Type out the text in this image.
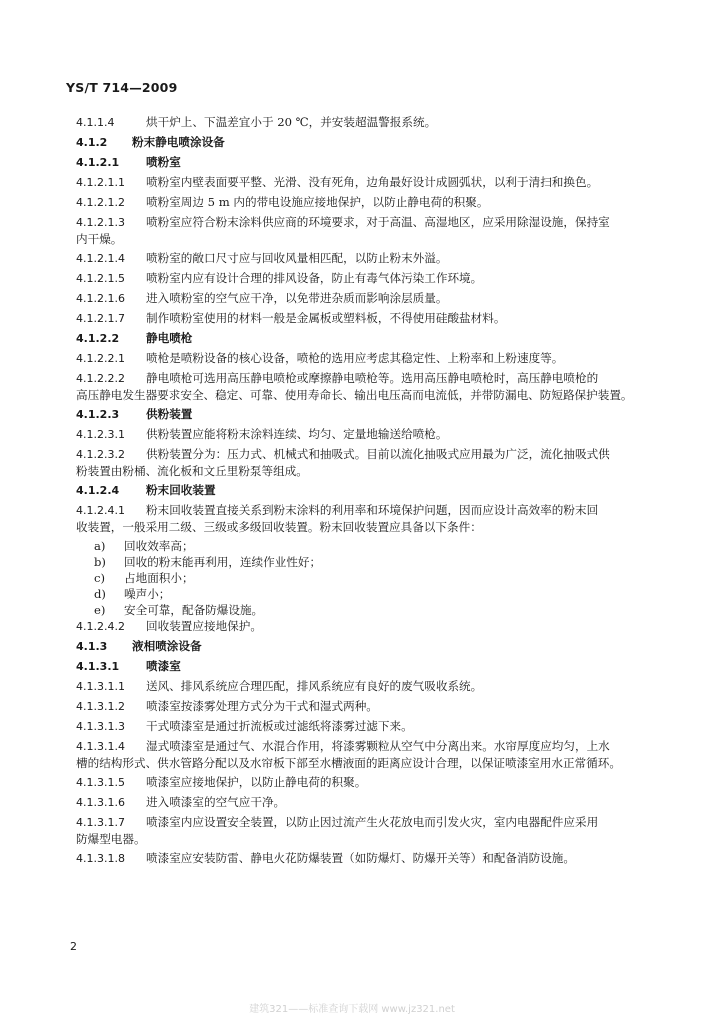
YS/T 714—2009
4.1.1.4	烘干炉上、下温差宜小于 20 ℃，并安装超温警报系统。
4.1.2 粉末静电喷涂设备
4.1.2.1 喷粉室
4.1.2.1.1 喷粉室内壁表面要平整、光滑、没有死角，边角最好设计成圆弧状，以利于清扫和换色。
4.1.2.1.2 喷粉室周边 5 m 内的带电设施应接地保护，以防止静电荷的积聚。
4.1.2.1.3 喷粉室应符合粉末涂料供应商的环境要求，对于高温、高湿地区，应采用除湿设施，保持室
内干燥。
4.1.2.1.4 喷粉室的敞口尺寸应与回收风量相匹配，以防止粉末外溢。
4.1.2.1.5 喷粉室内应有设计合理的排风设备，防止有毒气体污染工作环境。
4.1.2.1.6 进入喷粉室的空气应干净，以免带进杂质而影响涂层质量。
4.1.2.1.7 制作喷粉室使用的材料一般是金属板或塑料板，不得使用硅酸盐材料。
4.1.2.2 静电喷枪
4.1.2.2.1 喷枪是喷粉设备的核心设备，喷枪的选用应考虑其稳定性、上粉率和上粉速度等。
4.1.2.2.2 静电喷枪可选用高压静电喷枪或摩擦静电喷枪等。选用高压静电喷枪时，高压静电喷枪的
高压静电发生器要求安全、稳定、可靠、使用寿命长、输出电压高而电流低，并带防漏电、防短路保护装置。
4.1.2.3 供粉装置
4.1.2.3.1 供粉装置应能将粉末涂料连续、均匀、定量地输送给喷枪。
4.1.2.3.2 供粉装置分为：压力式、机械式和抽吸式。目前以流化抽吸式应用最为广泛，流化抽吸式供
粉装置由粉桶、流化板和文丘里粉泵等组成。
4.1.2.4 粉末回收装置
4.1.2.4.1 粉末回收装置直接关系到粉末涂料的利用率和环境保护问题，因而应设计高效率的粉末回
收装置，一般采用二级、三级或多级回收装置。粉末回收装置应具备以下条件：
a) 回收效率高；
b) 回收的粉末能再利用，连续作业性好；
c) 占地面积小；
d) 噪声小；
e) 安全可靠，配备防爆设施。
4.1.2.4.2 回收装置应接地保护。
4.1.3 液相喷涂设备
4.1.3.1 喷漆室
4.1.3.1.1 送风、排风系统应合理匹配，排风系统应有良好的废气吸收系统。
4.1.3.1.2 喷漆室按漆雾处理方式分为干式和湿式两种。
4.1.3.1.3 干式喷漆室是通过折流板或过滤纸将漆雾过滤下来。
4.1.3.1.4 湿式喷漆室是通过气、水混合作用，将漆雾颗粒从空气中分离出来。水帘厚度应均匀，上水
槽的结构形式、供水管路分配以及水帘板下部至水槽液面的距离应设计合理，以保证喷漆室用水正常循环。
4.1.3.1.5 喷漆室应接地保护，以防止静电荷的积聚。
4.1.3.1.6 进入喷漆室的空气应干净。
4.1.3.1.7 喷漆室内应设置安全装置，以防止因过流产生火花放电而引发火灾，室内电器配件应采用
防爆型电器。
4.1.3.1.8 喷漆室应安装防雷、静电火花防爆装置（如防爆灯、防爆开关等）和配备消防设施。
2
建筑321——标准查询下载网 www.jz321.net
